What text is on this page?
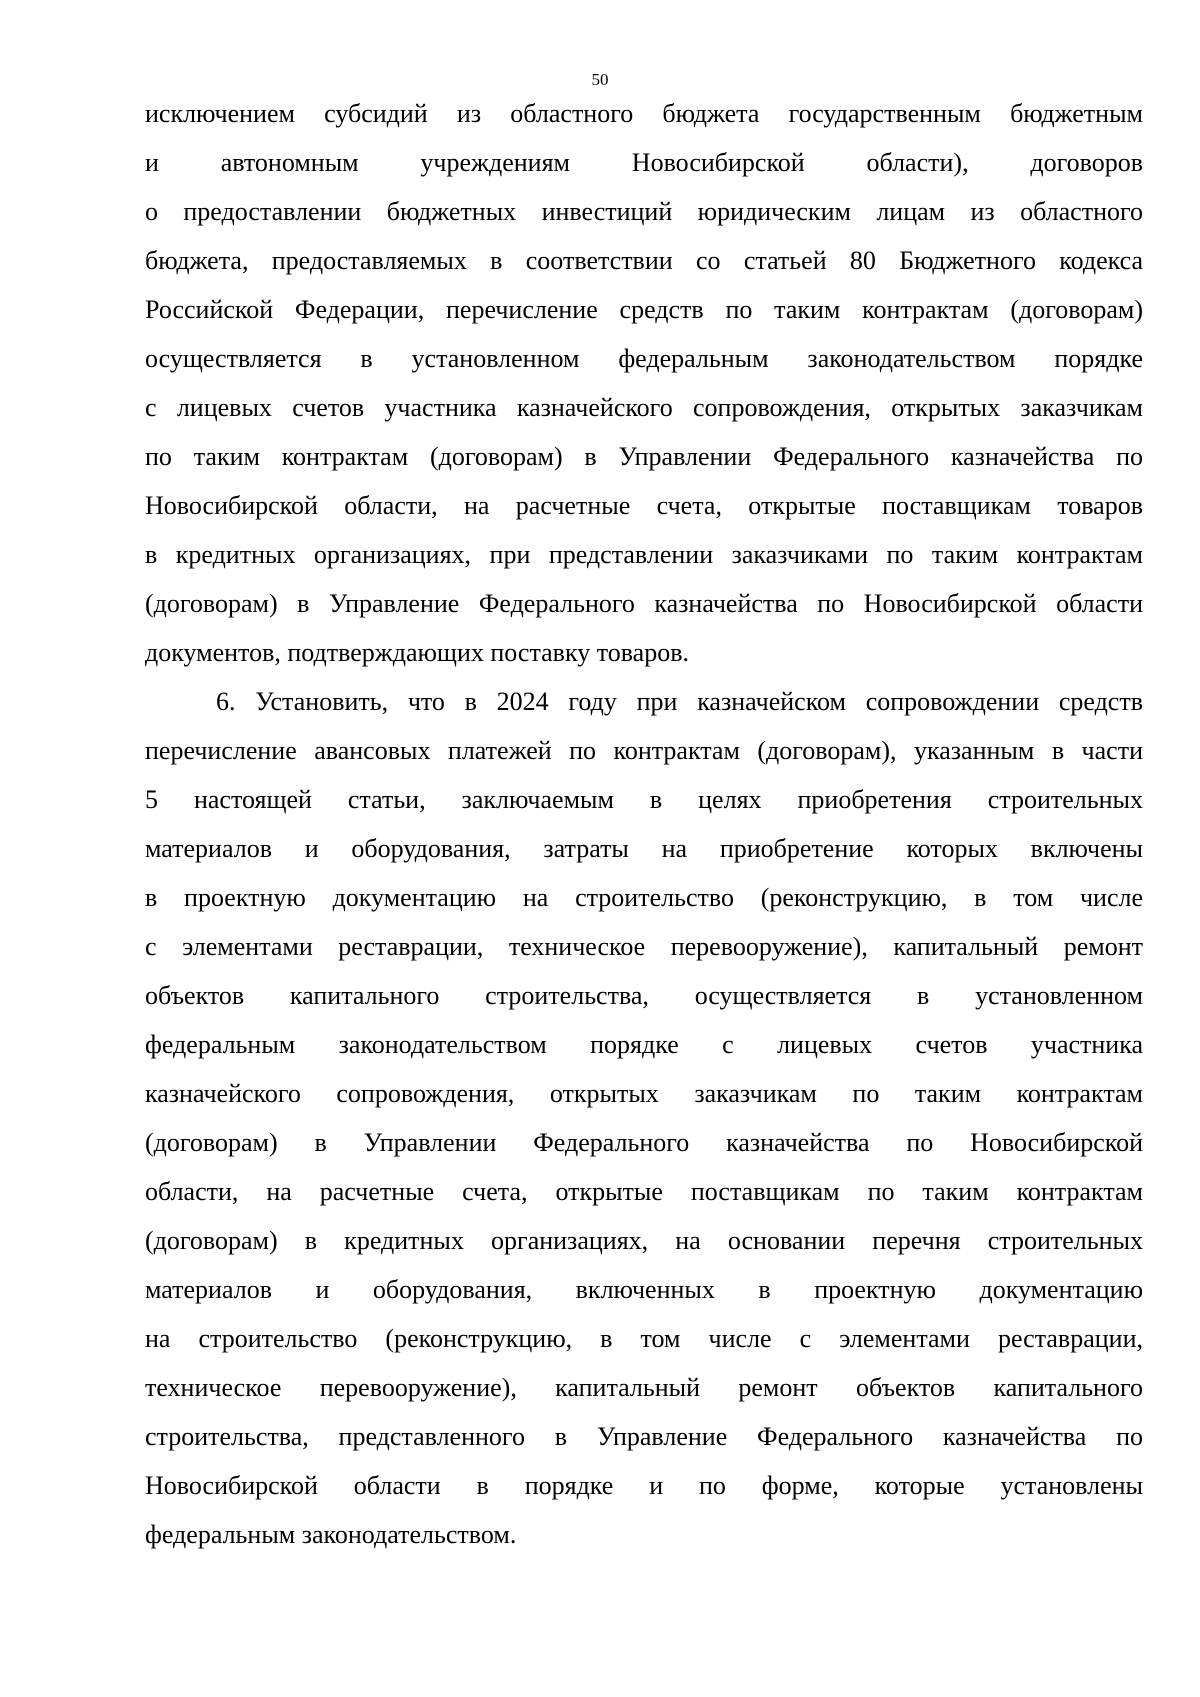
50
исключением субсидий из областного бюджета государственным бюджетным
и автономным учреждениям Новосибирской области), договоров
о предоставлении бюджетных инвестиций юридическим лицам из областного
бюджета, предоставляемых в соответствии со статьей 80 Бюджетного кодекса
Российской Федерации, перечисление средств по таким контрактам (договорам)
осуществляется в установленном федеральным законодательством порядке
с лицевых счетов участника казначейского сопровождения, открытых заказчикам
по таким контрактам (договорам) в Управлении Федерального казначейства по
Новосибирской области, на расчетные счета, открытые поставщикам товаров
в кредитных организациях, при представлении заказчиками по таким контрактам
(договорам) в Управление Федерального казначейства по Новосибирской области
документов, подтверждающих поставку товаров.
6. Установить, что в 2024 году при казначейском сопровождении средств
перечисление авансовых платежей по контрактам (договорам), указанным в части
5 настоящей статьи, заключаемым в целях приобретения строительных
материалов и оборудования, затраты на приобретение которых включены
в проектную документацию на строительство (реконструкцию, в том числе
с элементами реставрации, техническое перевооружение), капитальный ремонт
объектов капитального строительства, осуществляется в установленном
федеральным законодательством порядке с лицевых счетов участника
казначейского сопровождения, открытых заказчикам по таким контрактам
(договорам) в Управлении Федерального казначейства по Новосибирской
области, на расчетные счета, открытые поставщикам по таким контрактам
(договорам) в кредитных организациях, на основании перечня строительных
материалов и оборудования, включенных в проектную документацию
на строительство (реконструкцию, в том числе с элементами реставрации,
техническое перевооружение), капитальный ремонт объектов капитального
строительства, представленного в Управление Федерального казначейства по
Новосибирской области в порядке и по форме, которые установлены
федеральным законодательством.
